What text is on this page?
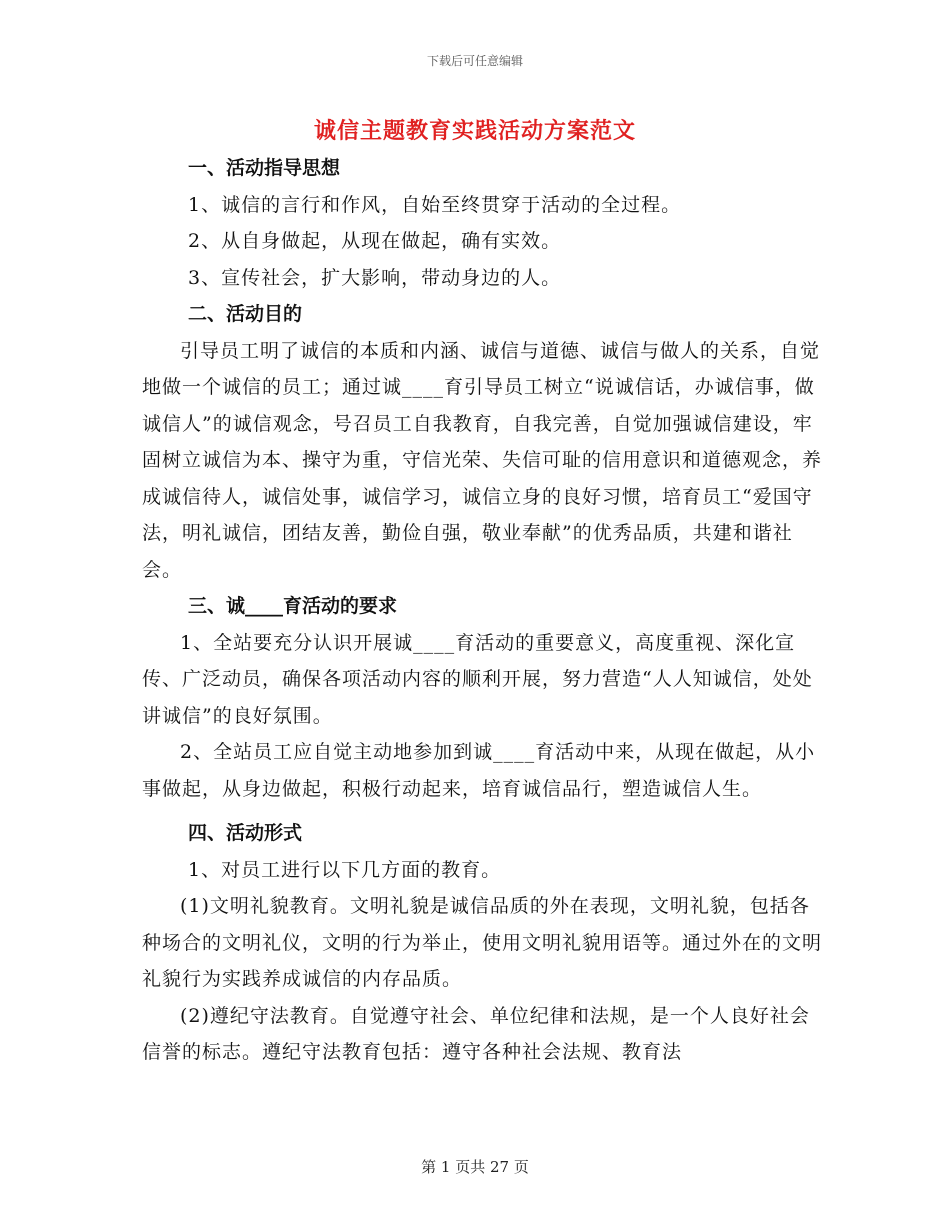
下载后可任意编辑
诚信主题教育实践活动方案范文

一、活动指导思想

1、诚信的言行和作风，自始至终贯穿于活动的全过程。

2、从自身做起，从现在做起，确有实效。

3、宣传社会，扩大影响，带动身边的人。

二、活动目的

引导员工明了诚信的本质和内涵、诚信与道德、诚信与做人的关系，自觉地做一个诚信的员工；通过诚____育引导员工树立“说诚信话，办诚信事，做诚信人”的诚信观念，号召员工自我教育，自我完善，自觉加强诚信建设，牢固树立诚信为本、操守为重，守信光荣、失信可耻的信用意识和道德观念，养成诚信待人，诚信处事，诚信学习，诚信立身的良好习惯，培育员工“爱国守法，明礼诚信，团结友善，勤俭自强，敬业奉献”的优秀品质，共建和谐社会。

三、诚____育活动的要求

1、全站要充分认识开展诚____育活动的重要意义，高度重视、深化宣传、广泛动员，确保各项活动内容的顺利开展，努力营造“人人知诚信，处处讲诚信”的良好氛围。

2、全站员工应自觉主动地参加到诚____育活动中来，从现在做起，从小事做起，从身边做起，积极行动起来，培育诚信品行，塑造诚信人生。

四、活动形式

1、对员工进行以下几方面的教育。

(1)文明礼貌教育。文明礼貌是诚信品质的外在表现，文明礼貌，包括各种场合的文明礼仪，文明的行为举止，使用文明礼貌用语等。通过外在的文明礼貌行为实践养成诚信的内存品质。

(2)遵纪守法教育。自觉遵守社会、单位纪律和法规，是一个人良好社会信誉的标志。遵纪守法教育包括：遵守各种社会法规、教育法

第 1 页共 27 页
